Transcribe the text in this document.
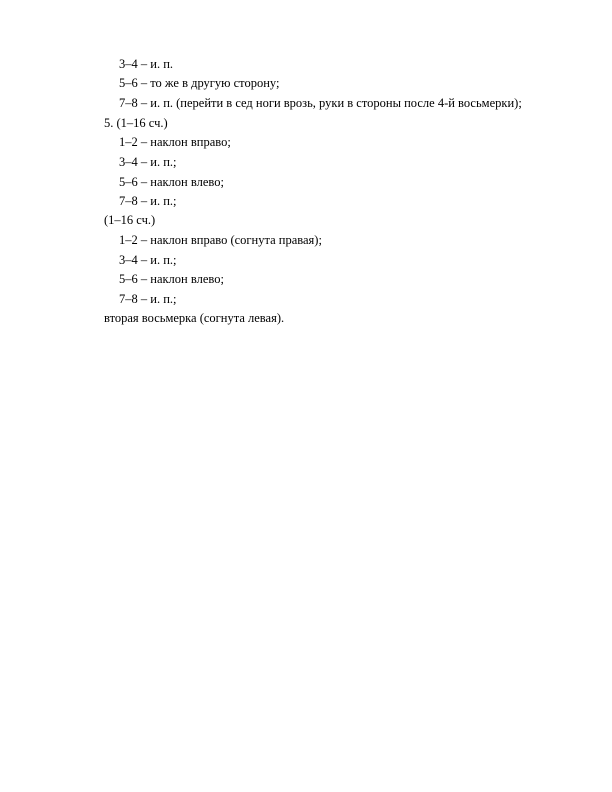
3–4 – и. п.
5–6 – то же в другую сторону;
7–8 – и. п. (перейти в сед ноги врозь, руки в стороны после 4-й восьмерки);
5. (1–16 сч.)
1–2 – наклон вправо;
3–4 – и. п.;
5–6 – наклон влево;
7–8 – и. п.;
(1–16 сч.)
1–2 – наклон вправо (согнута правая);
3–4 – и. п.;
5–6 – наклон влево;
7–8 – и. п.;
вторая восьмерка (согнута левая).
